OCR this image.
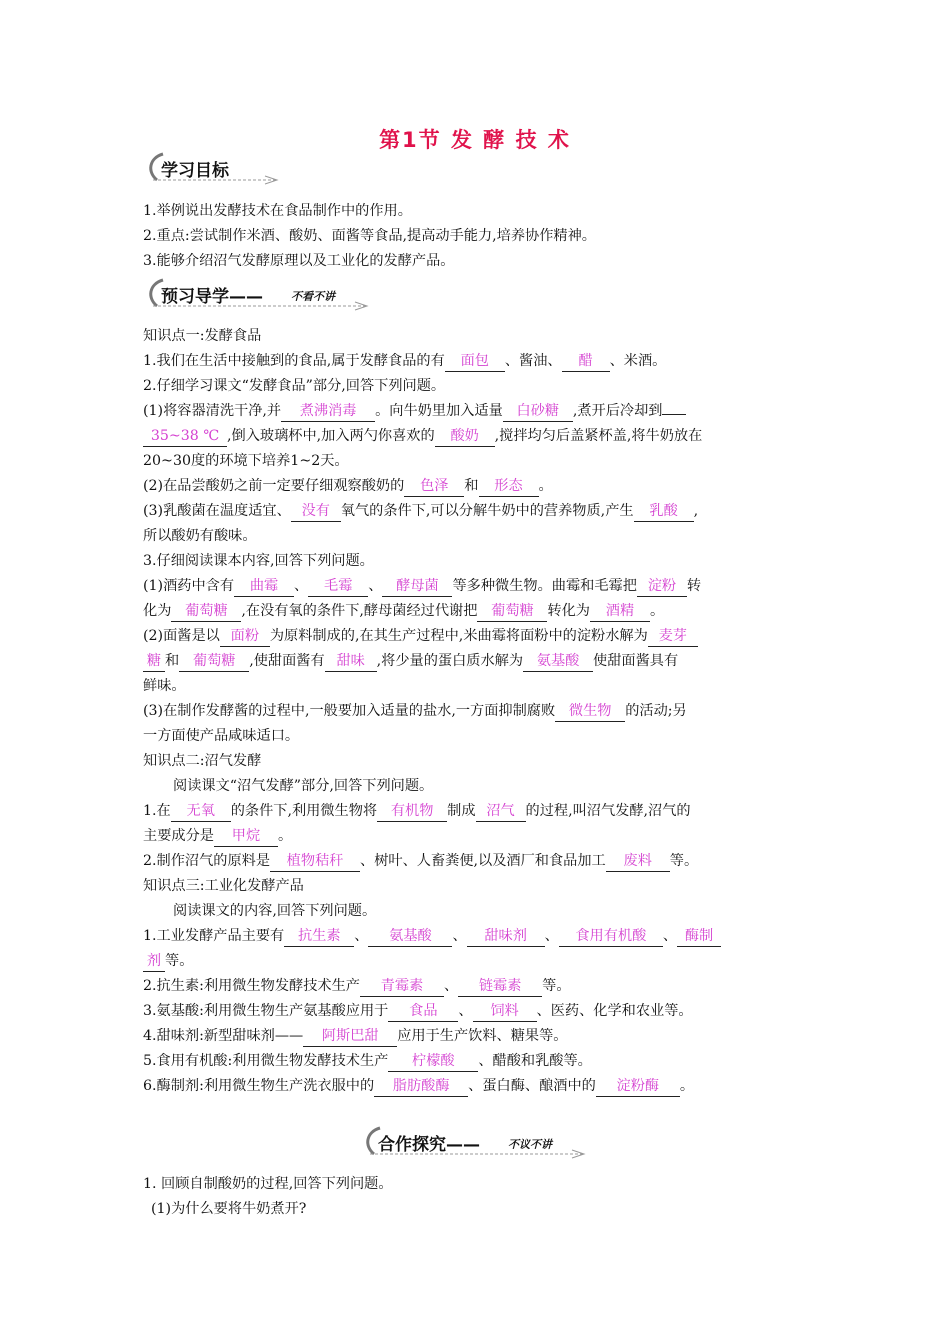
第1节 发 酵 技 术
学习目标
预习导学——	不看不讲
合作探究——	不议不讲
1.举例说出发酵技术在食品制作中的作用。
2.重点:尝试制作米酒、酸奶、面酱等食品,提高动手能力,培养协作精神。
3.能够介绍沼气发酵原理以及工业化的发酵产品。
知识点一:发酵食品
1.我们在生活中接触到的食品,属于发酵食品的有 面包 、酱油、 醋 、米酒。
2.仔细学习课文“发酵食品”部分,回答下列问题。
(1)将容器清洗干净,并 煮沸消毒 。向牛奶里加入适量 白砂糖 ,煮开后冷却到
35~38 ℃ ,倒入玻璃杯中,加入两勺你喜欢的 酸奶 ,搅拌均匀后盖紧杯盖,将牛奶放在
20~30度的环境下培养1~2天。
(2)在品尝酸奶之前一定要仔细观察酸奶的 色泽 和 形态 。
(3)乳酸菌在温度适宜、 没有 氧气的条件下,可以分解牛奶中的营养物质,产生 乳酸 ,
所以酸奶有酸味。
3.仔细阅读课本内容,回答下列问题。
(1)酒药中含有 曲霉 、 毛霉 、 酵母菌 等多种微生物。曲霉和毛霉把 淀粉 转
化为 葡萄糖 ,在没有氧的条件下,酵母菌经过代谢把 葡萄糖 转化为 酒精 。
(2)面酱是以 面粉 为原料制成的,在其生产过程中,米曲霉将面粉中的淀粉水解为 麦芽
糖 和 葡萄糖 ,使甜面酱有 甜味 ,将少量的蛋白质水解为 氨基酸 使甜面酱具有
鲜味。
(3)在制作发酵酱的过程中,一般要加入适量的盐水,一方面抑制腐败 微生物 的活动;另
一方面使产品咸味适口。
知识点二:沼气发酵
阅读课文“沼气发酵”部分,回答下列问题。
1.在 无氧 的条件下,利用微生物将 有机物 制成 沼气 的过程,叫沼气发酵,沼气的
主要成分是 甲烷 。
2.制作沼气的原料是 植物秸秆 、树叶、人畜粪便,以及酒厂和食品加工 废料 等。
知识点三:工业化发酵产品
阅读课文的内容,回答下列问题。
1.工业发酵产品主要有 抗生素 、 氨基酸 、 甜味剂 、 食用有机酸 、 酶制
剂 等。
2.抗生素:利用微生物发酵技术生产 青霉素 、 链霉素 等。
3.氨基酸:利用微生物生产氨基酸应用于 食品 、 饲料 、医药、化学和农业等。
4.甜味剂:新型甜味剂—— 阿斯巴甜 应用于生产饮料、糖果等。
5.食用有机酸:利用微生物发酵技术生产 柠檬酸 、醋酸和乳酸等。
6.酶制剂:利用微生物生产洗衣服中的 脂肪酸酶 、蛋白酶、酿酒中的 淀粉酶 。
1. 回顾自制酸奶的过程,回答下列问题。
(1)为什么要将牛奶煮开?
